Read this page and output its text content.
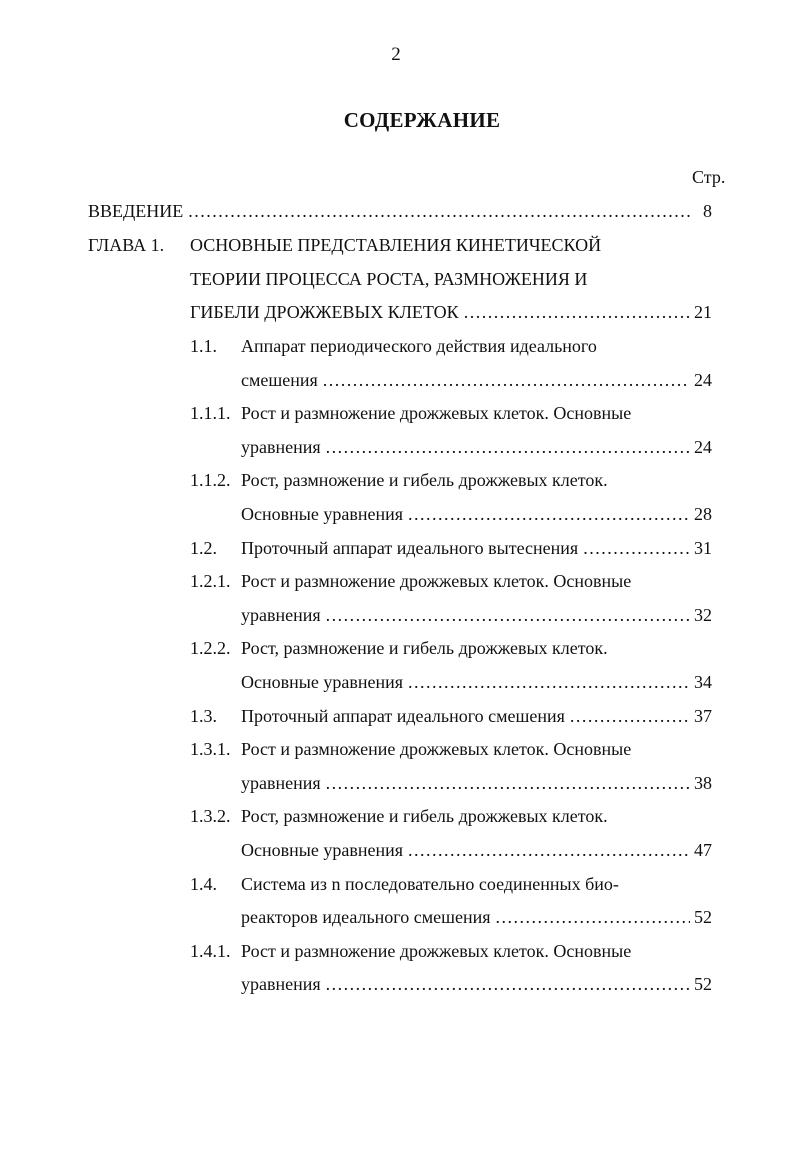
2
СОДЕРЖАНИЕ
Стр.
ВВЕДЕНИЕ .....	8
ГЛАВА 1. ОСНОВНЫЕ ПРЕДСТАВЛЕНИЯ КИНЕТИЧЕСКОЙ
ТЕОРИИ ПРОЦЕССА РОСТА, РАЗМНОЖЕНИЯ И
ГИБЕЛИ ДРОЖЖЕВЫХ КЛЕТОК .....	21
1.1. Аппарат периодического действия идеального
смешения .....	24
1.1.1. Рост и размножение дрожжевых клеток. Основные
уравнения .....	24
1.1.2. Рост, размножение и гибель дрожжевых клеток.
Основные уравнения .....	28
1.2. Проточный аппарат идеального вытеснения .....	31
1.2.1. Рост и размножение дрожжевых клеток. Основные
уравнения .....	32
1.2.2. Рост, размножение и гибель дрожжевых клеток.
Основные уравнения .....	34
1.3. Проточный аппарат идеального смешения .....	37
1.3.1. Рост и размножение дрожжевых клеток. Основные
уравнения .....	38
1.3.2. Рост, размножение и гибель дрожжевых клеток.
Основные уравнения .....	47
1.4. Система из n последовательно соединенных био-
реакторов идеального смешения .....	52
1.4.1. Рост и размножение дрожжевых клеток. Основные
уравнения .....	52
